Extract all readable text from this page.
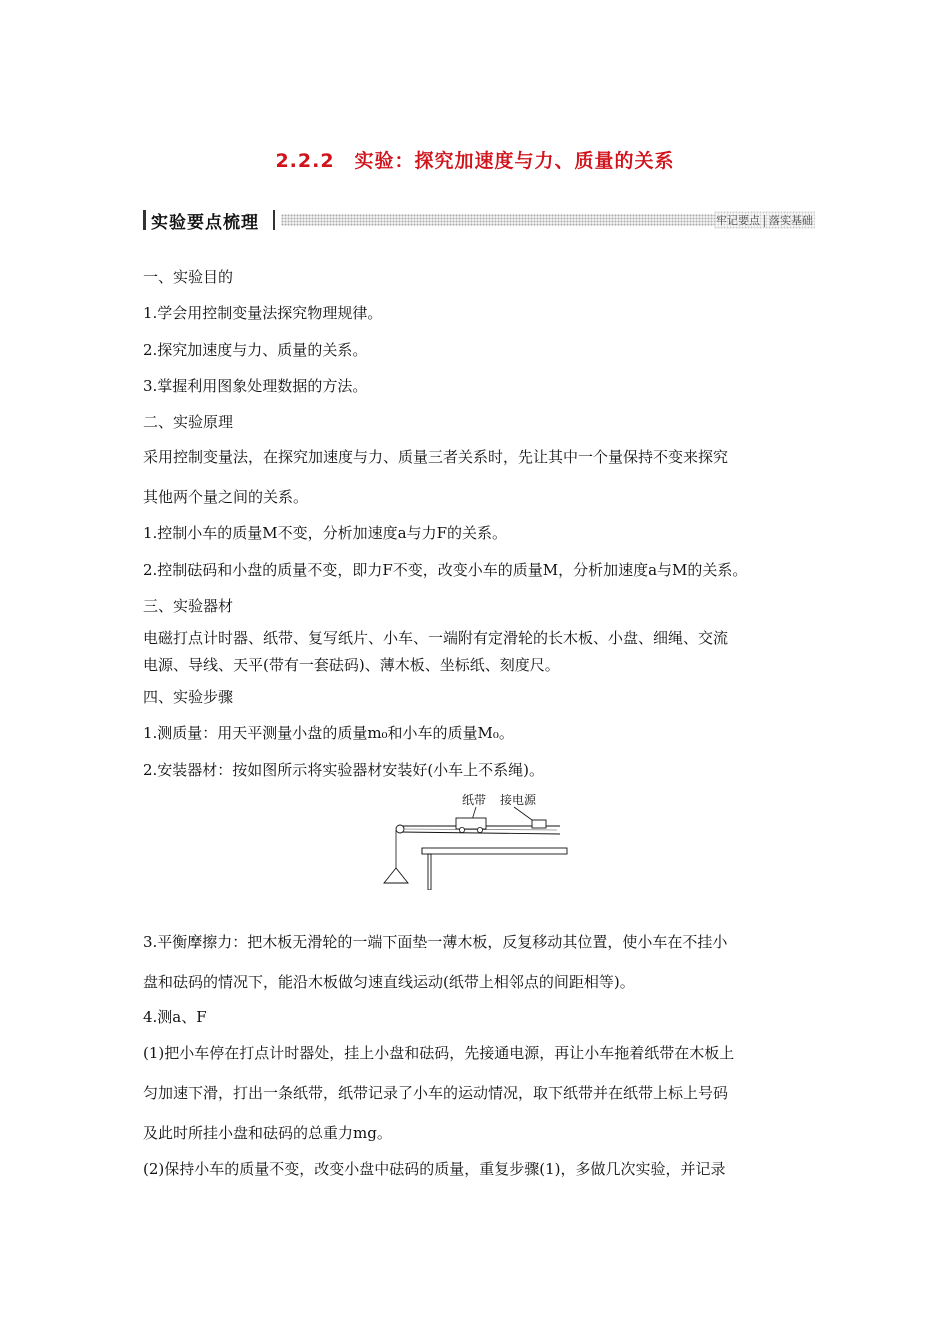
2.2.2　实验：探究加速度与力、质量的关系
实验要点梳理	牢记要点 落实基础
一、实验目的
1.学会用控制变量法探究物理规律。
2.探究加速度与力、质量的关系。
3.掌握利用图象处理数据的方法。
二、实验原理
采用控制变量法，在探究加速度与力、质量三者关系时，先让其中一个量保持不变来探究
其他两个量之间的关系。
1.控制小车的质量M不变，分析加速度a与力F的关系。
2.控制砝码和小盘的质量不变，即力F不变，改变小车的质量M，分析加速度a与M的关系。
三、实验器材
电磁打点计时器、纸带、复写纸片、小车、一端附有定滑轮的长木板、小盘、细绳、交流
电源、导线、天平(带有一套砝码)、薄木板、坐标纸、刻度尺。
四、实验步骤
1.测质量：用天平测量小盘的质量m₀和小车的质量M₀。
2.安装器材：按如图所示将实验器材安装好(小车上不系绳)。
纸带 接电源
3.平衡摩擦力：把木板无滑轮的一端下面垫一薄木板，反复移动其位置，使小车在不挂小
盘和砝码的情况下，能沿木板做匀速直线运动(纸带上相邻点的间距相等)。
4.测a、F
(1)把小车停在打点计时器处，挂上小盘和砝码，先接通电源，再让小车拖着纸带在木板上
匀加速下滑，打出一条纸带，纸带记录了小车的运动情况，取下纸带并在纸带上标上号码
及此时所挂小盘和砝码的总重力mg。
(2)保持小车的质量不变，改变小盘中砝码的质量，重复步骤(1)，多做几次实验，并记录
